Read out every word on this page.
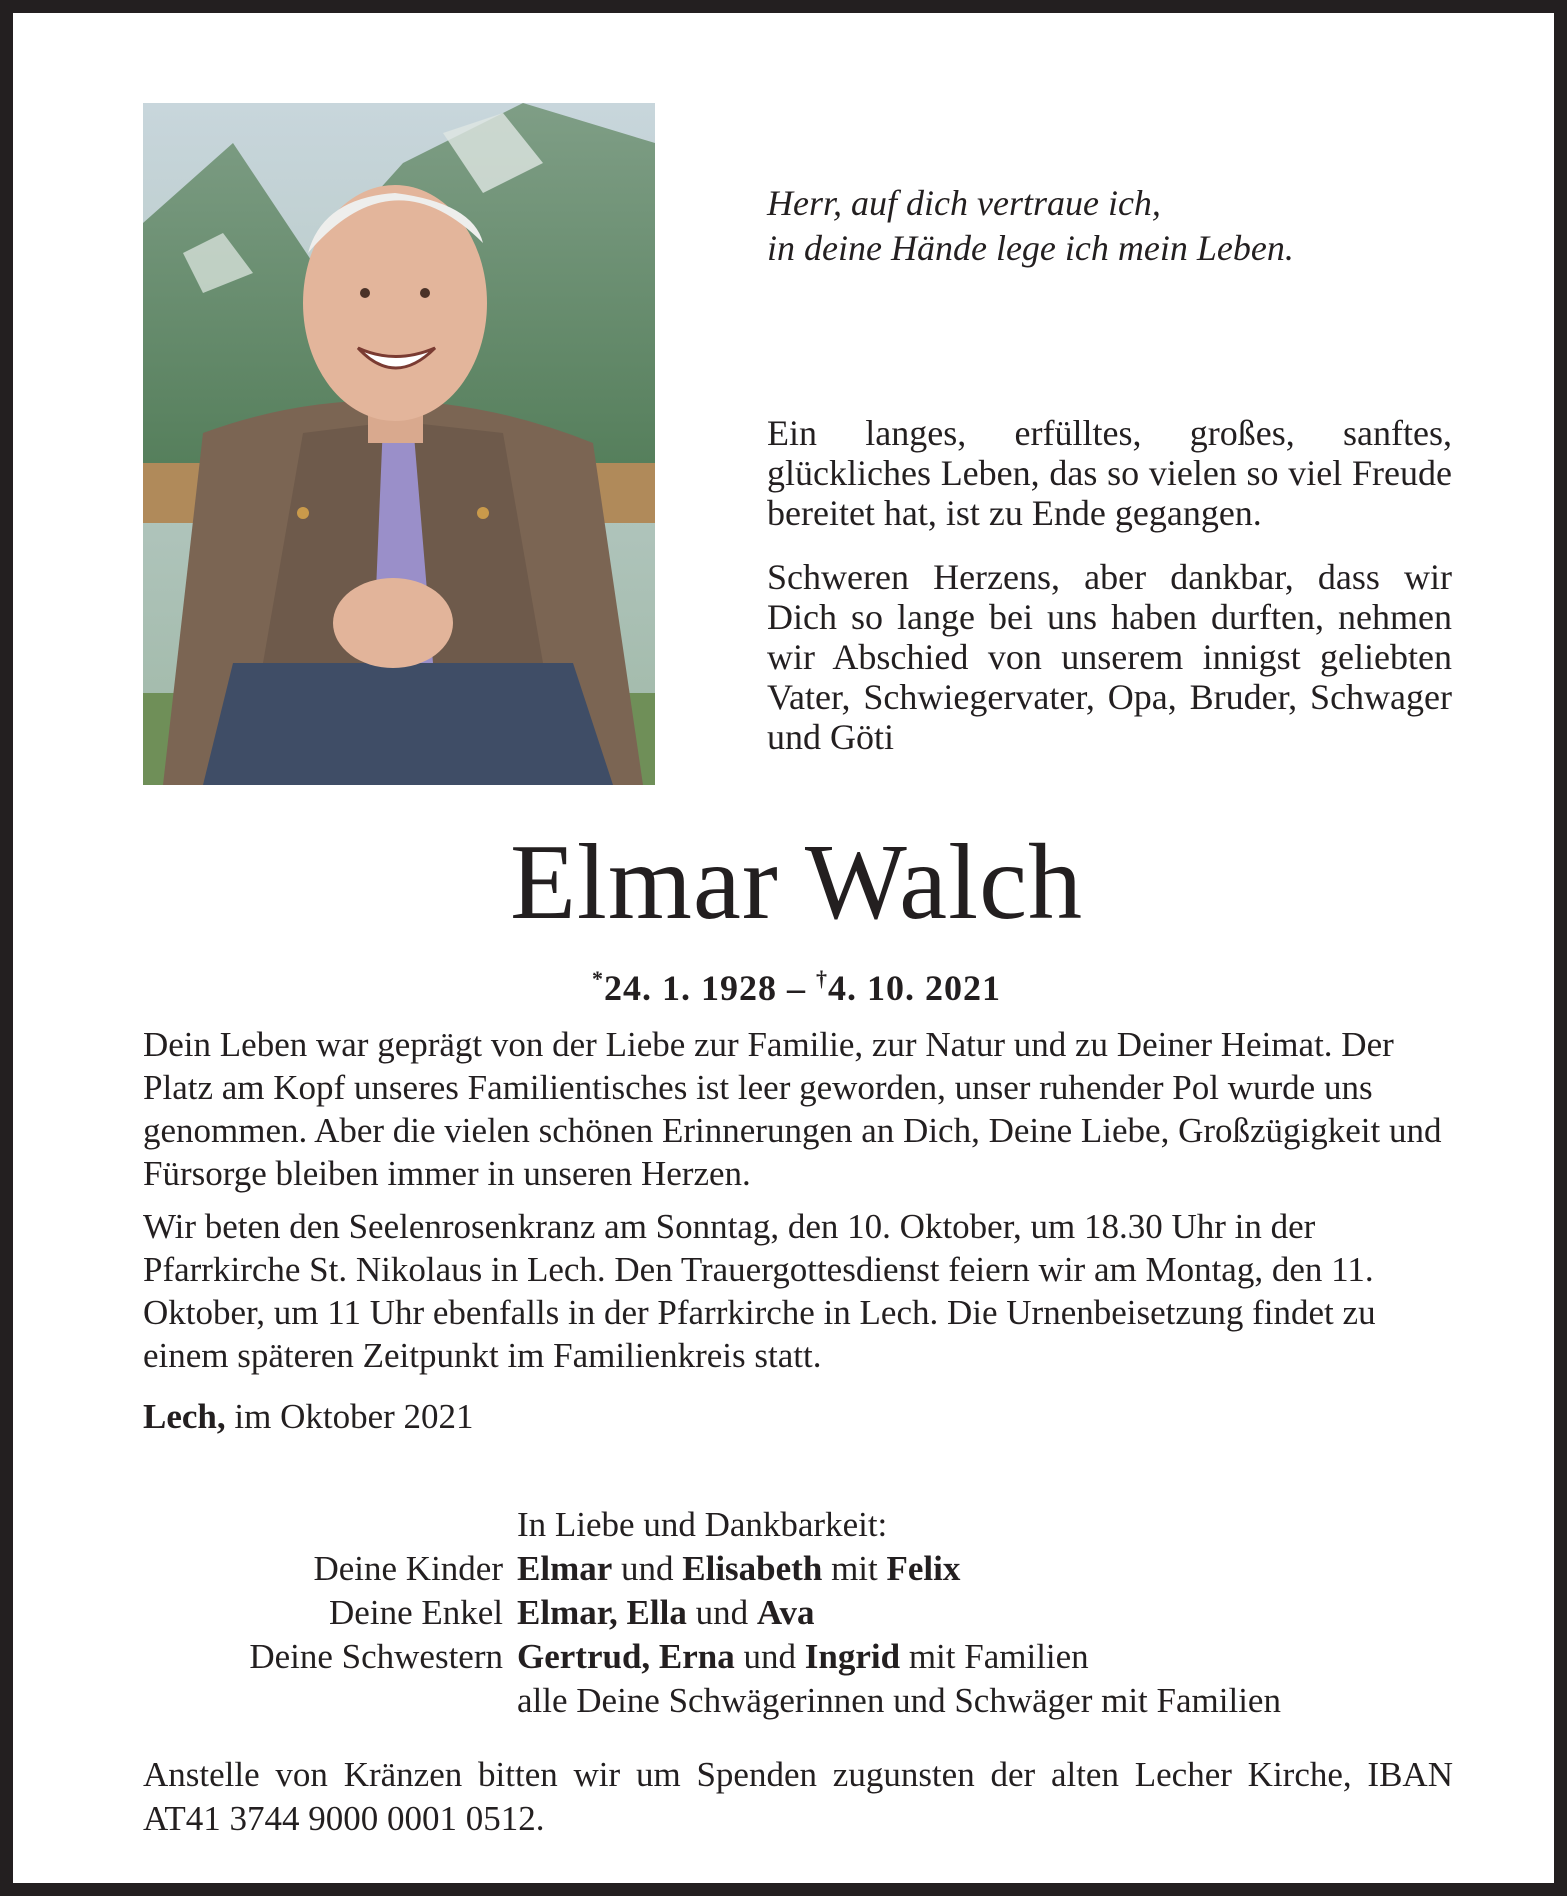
Herr, auf dich vertraue ich,
in deine Hände lege ich mein Leben.

Ein langes, erfülltes, großes, sanftes, glückliches Leben, das so vielen so viel Freude bereitet hat, ist zu Ende gegangen.

Schweren Herzens, aber dankbar, dass wir Dich so lange bei uns haben durften, nehmen wir Abschied von unserem innigst geliebten Vater, Schwiegervater, Opa, Bruder, Schwager und Göti

Elmar Walch
*24. 1. 1928 – †4. 10. 2021

Dein Leben war geprägt von der Liebe zur Familie, zur Natur und zu Deiner Heimat. Der Platz am Kopf unseres Familientisches ist leer geworden, unser ruhender Pol wurde uns genommen. Aber die vielen schönen Erinnerungen an Dich, Deine Liebe, Großzügigkeit und Fürsorge bleiben immer in unseren Herzen.

Wir beten den Seelenrosenkranz am Sonntag, den 10. Oktober, um 18.30 Uhr in der Pfarrkirche St. Nikolaus in Lech. Den Trauergottesdienst feiern wir am Montag, den 11. Oktober, um 11 Uhr ebenfalls in der Pfarrkirche in Lech. Die Urnenbeisetzung findet zu einem späteren Zeitpunkt im Familienkreis statt.

Lech, im Oktober 2021

In Liebe und Dankbarkeit:
Deine Kinder Elmar und Elisabeth mit Felix
Deine Enkel Elmar, Ella und Ava
Deine Schwestern Gertrud, Erna und Ingrid mit Familien
alle Deine Schwägerinnen und Schwäger mit Familien
Anstelle von Kränzen bitten wir um Spenden zugunsten der alten Lecher Kirche, IBAN AT41 3744 9000 0001 0512.
